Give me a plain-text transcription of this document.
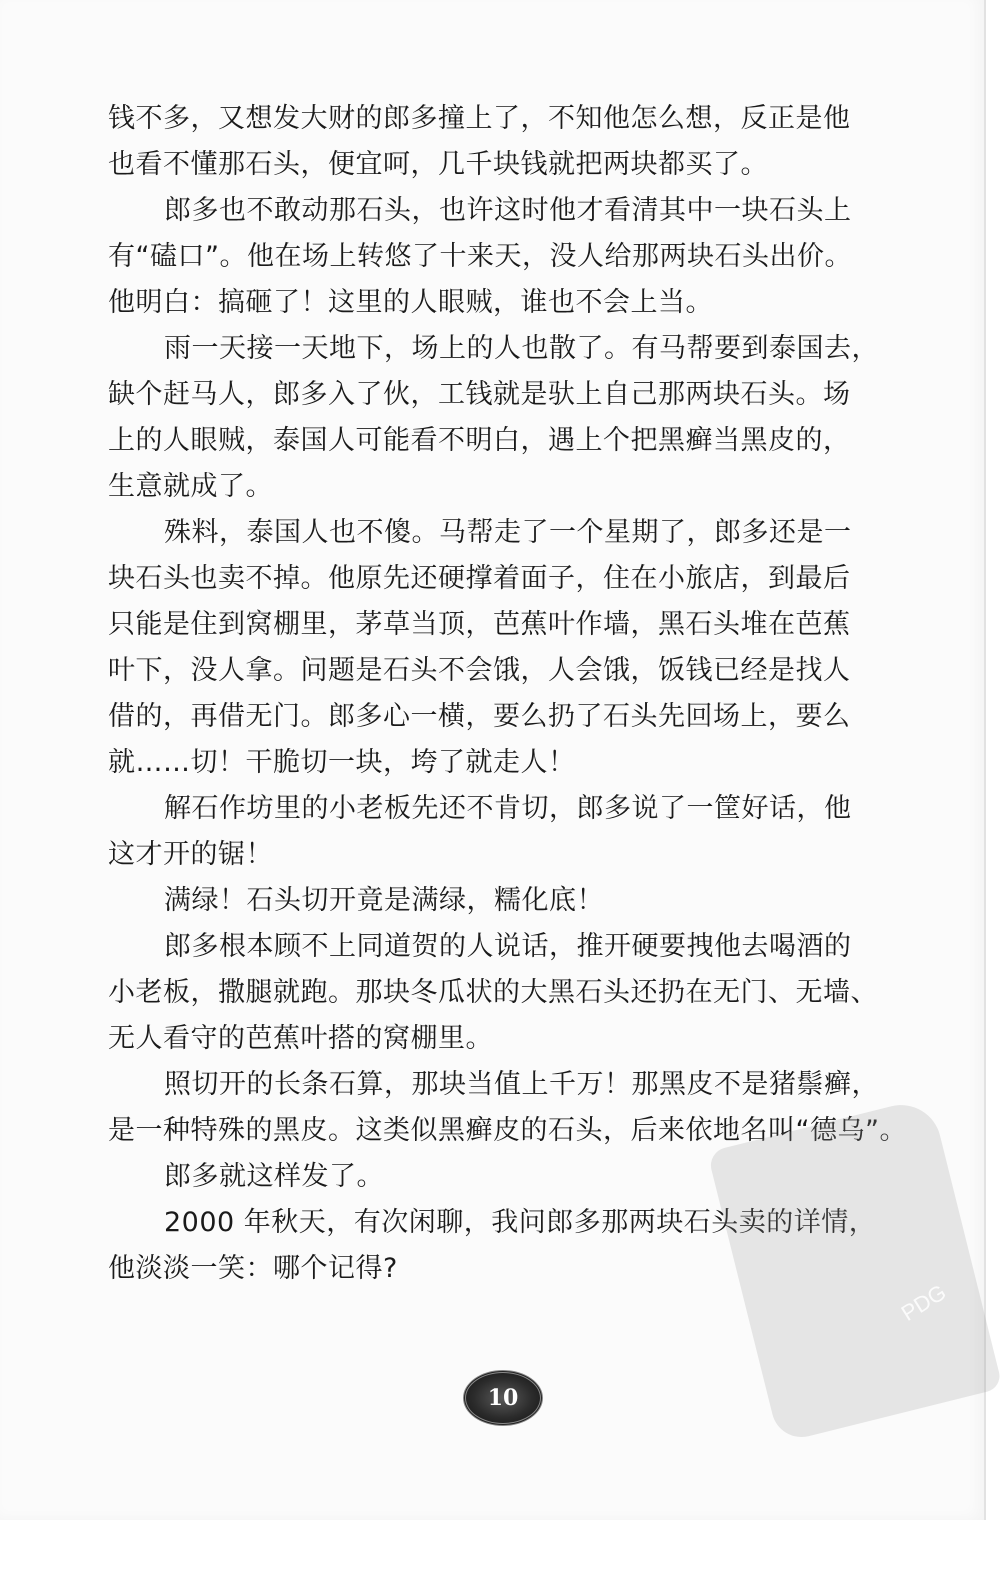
钱不多，又想发大财的郎多撞上了，不知他怎么想，反正是他
也看不懂那石头，便宜呵，几千块钱就把两块都买了。
郎多也不敢动那石头，也许这时他才看清其中一块石头上
有“磕口”。他在场上转悠了十来天，没人给那两块石头出价。
他明白：搞砸了！这里的人眼贼，谁也不会上当。
雨一天接一天地下，场上的人也散了。有马帮要到泰国去，
缺个赶马人，郎多入了伙，工钱就是驮上自己那两块石头。场
上的人眼贼，泰国人可能看不明白，遇上个把黑癣当黑皮的，
生意就成了。
殊料，泰国人也不傻。马帮走了一个星期了，郎多还是一
块石头也卖不掉。他原先还硬撑着面子，住在小旅店，到最后
只能是住到窝棚里，茅草当顶，芭蕉叶作墙，黑石头堆在芭蕉
叶下，没人拿。问题是石头不会饿，人会饿，饭钱已经是找人
借的，再借无门。郎多心一横，要么扔了石头先回场上，要么
就……切！干脆切一块，垮了就走人！
解石作坊里的小老板先还不肯切，郎多说了一筐好话，他
这才开的锯！
满绿！石头切开竟是满绿，糯化底！
郎多根本顾不上同道贺的人说话，推开硬要拽他去喝酒的
小老板，撒腿就跑。那块冬瓜状的大黑石头还扔在无门、无墙、
无人看守的芭蕉叶搭的窝棚里。
照切开的长条石算，那块当值上千万！那黑皮不是猪鬃癣，
是一种特殊的黑皮。这类似黑癣皮的石头，后来依地名叫“德乌”。
郎多就这样发了。
2000 年秋天，有次闲聊，我问郎多那两块石头卖的详情，
他淡淡一笑：哪个记得?
PDG
10
